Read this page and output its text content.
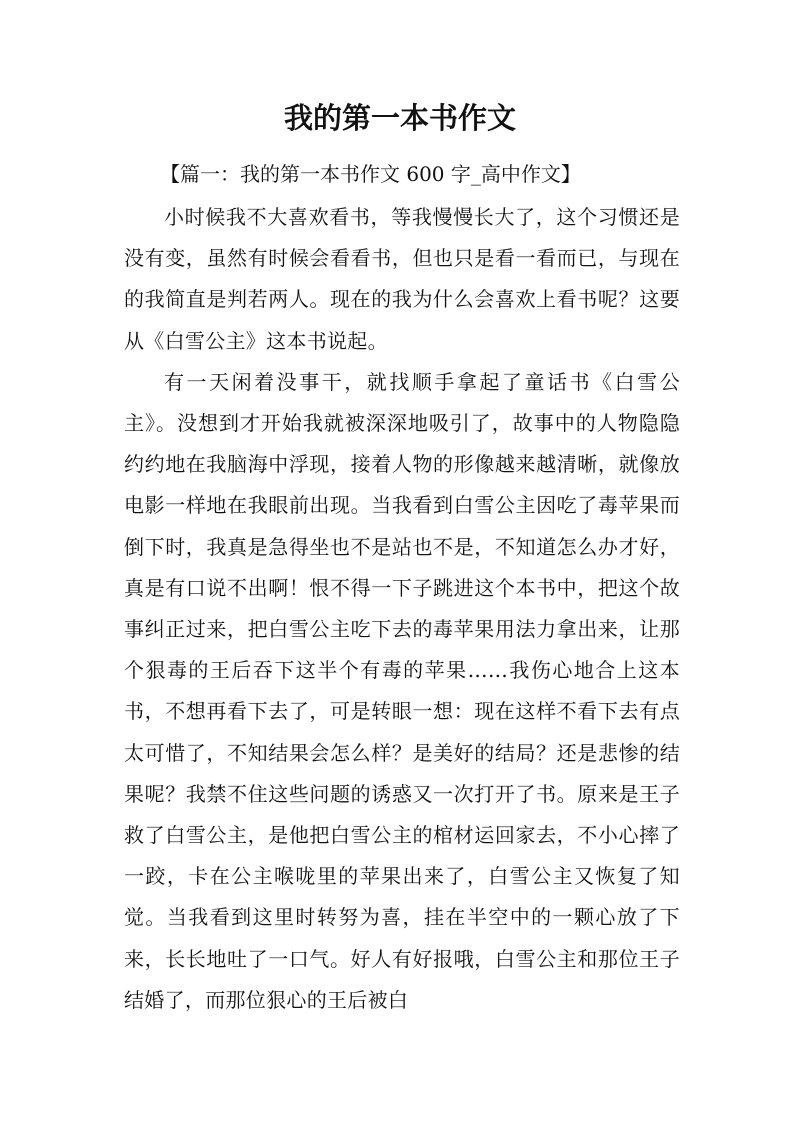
我的第一本书作文

【篇一：我的第一本书作文 600 字_高中作文】

小时候我不大喜欢看书，等我慢慢长大了，这个习惯还是没有变，虽然有时候会看看书，但也只是看一看而已，与现在的我简直是判若两人。现在的我为什么会喜欢上看书呢？这要从《白雪公主》这本书说起。

有一天闲着没事干，就找顺手拿起了童话书《白雪公主》。没想到才开始我就被深深地吸引了，故事中的人物隐隐约约地在我脑海中浮现，接着人物的形像越来越清晰，就像放电影一样地在我眼前出现。当我看到白雪公主因吃了毒苹果而倒下时，我真是急得坐也不是站也不是，不知道怎么办才好，真是有口说不出啊！恨不得一下子跳进这个本书中，把这个故事纠正过来，把白雪公主吃下去的毒苹果用法力拿出来，让那个狠毒的王后吞下这半个有毒的苹果……我伤心地合上这本书，不想再看下去了，可是转眼一想：现在这样不看下去有点太可惜了，不知结果会怎么样？是美好的结局？还是悲惨的结果呢？我禁不住这些问题的诱惑又一次打开了书。原来是王子救了白雪公主，是他把白雪公主的棺材运回家去，不小心摔了一跤，卡在公主喉咙里的苹果出来了，白雪公主又恢复了知觉。当我看到这里时转努为喜，挂在半空中的一颗心放了下来，长长地吐了一口气。好人有好报哦，白雪公主和那位王子结婚了，而那位狠心的王后被白
